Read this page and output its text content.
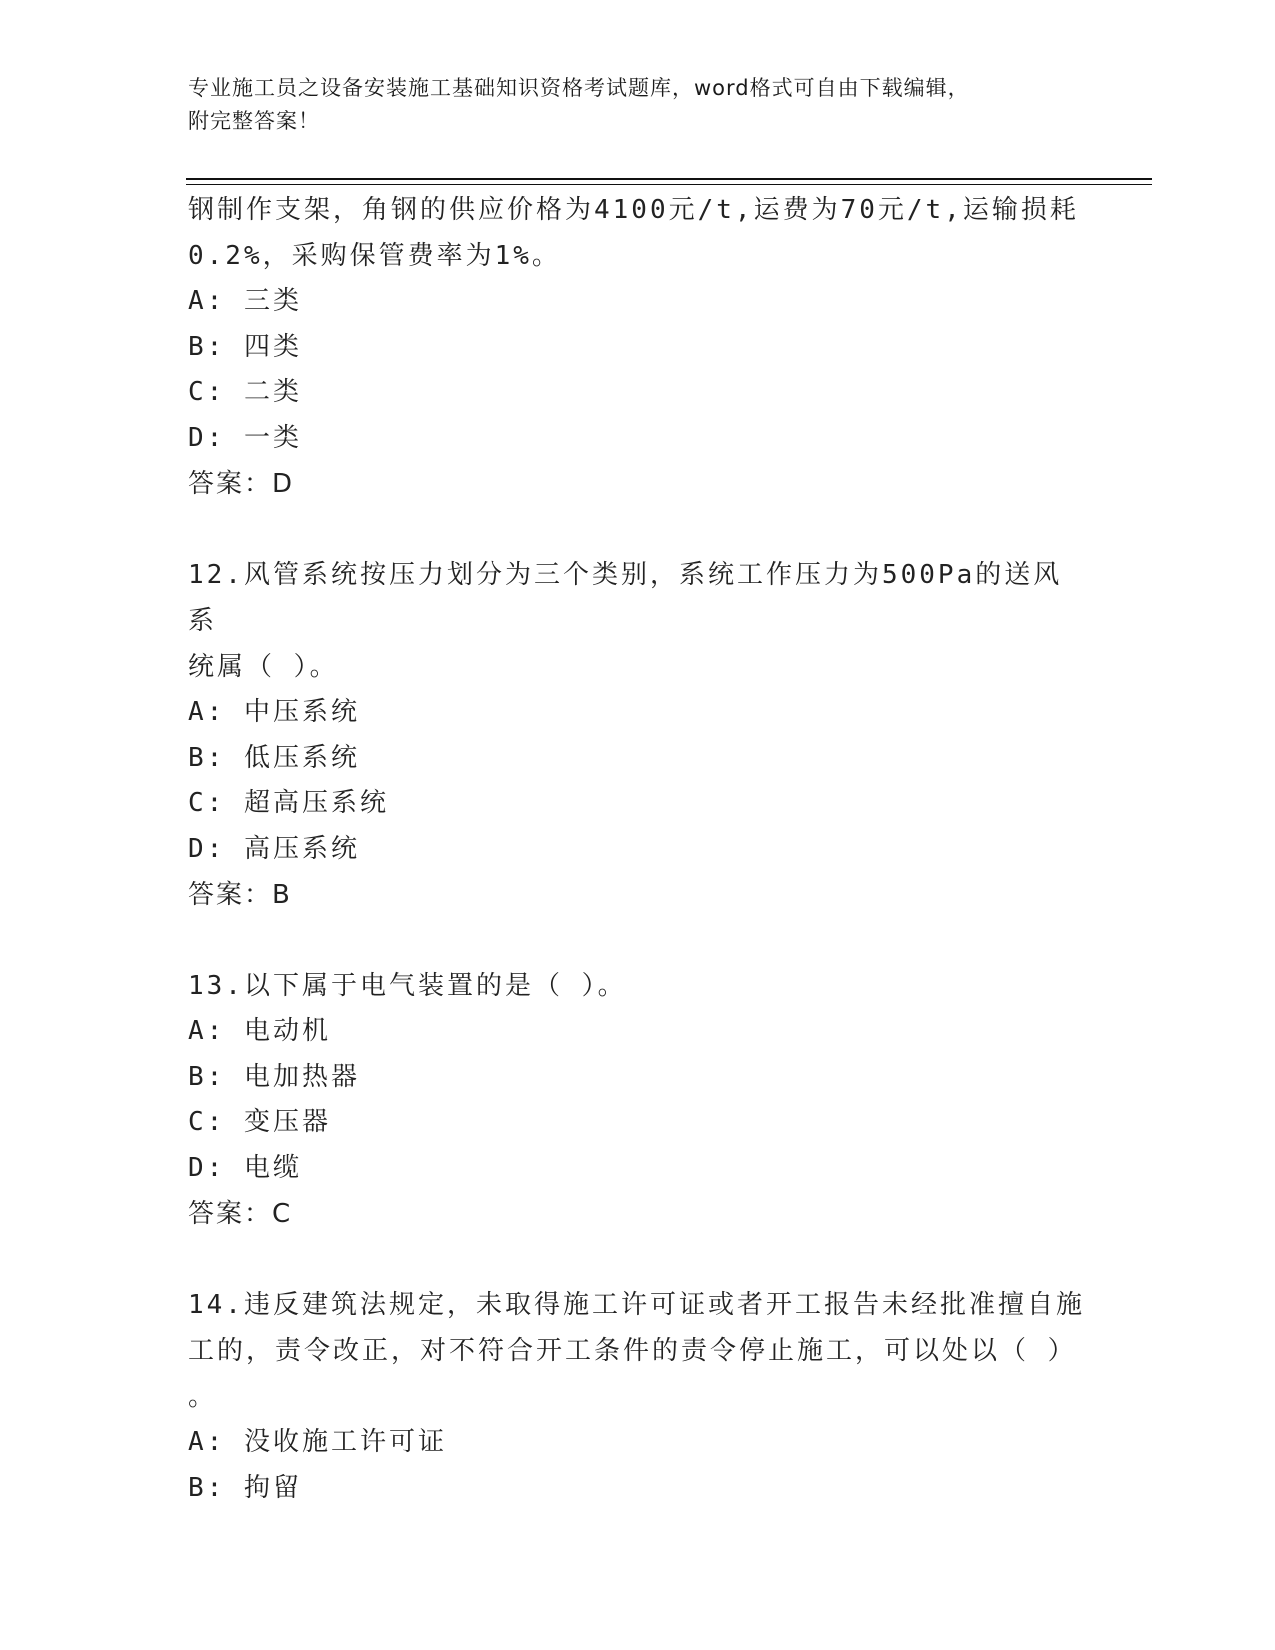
专业施工员之设备安装施工基础知识资格考试题库，word格式可自由下载编辑，
附完整答案！

钢制作支架，角钢的供应价格为4100元/t,运费为70元/t,运输损耗

0.2%，采购保管费率为1%。

A: 三类

B: 四类

C: 二类

D: 一类

答案：D

12.风管系统按压力划分为三个类别，系统工作压力为500Pa的送风系

统属（ ）。

A: 中压系统

B: 低压系统

C: 超高压系统

D: 高压系统

答案：B

13.以下属于电气装置的是（ ）。

A: 电动机

B: 电加热器

C: 变压器

D: 电缆

答案：C

14.违反建筑法规定，未取得施工许可证或者开工报告未经批准擅自施

工的，责令改正，对不符合开工条件的责令停止施工，可以处以（ ）

。

A: 没收施工许可证

B: 拘留
